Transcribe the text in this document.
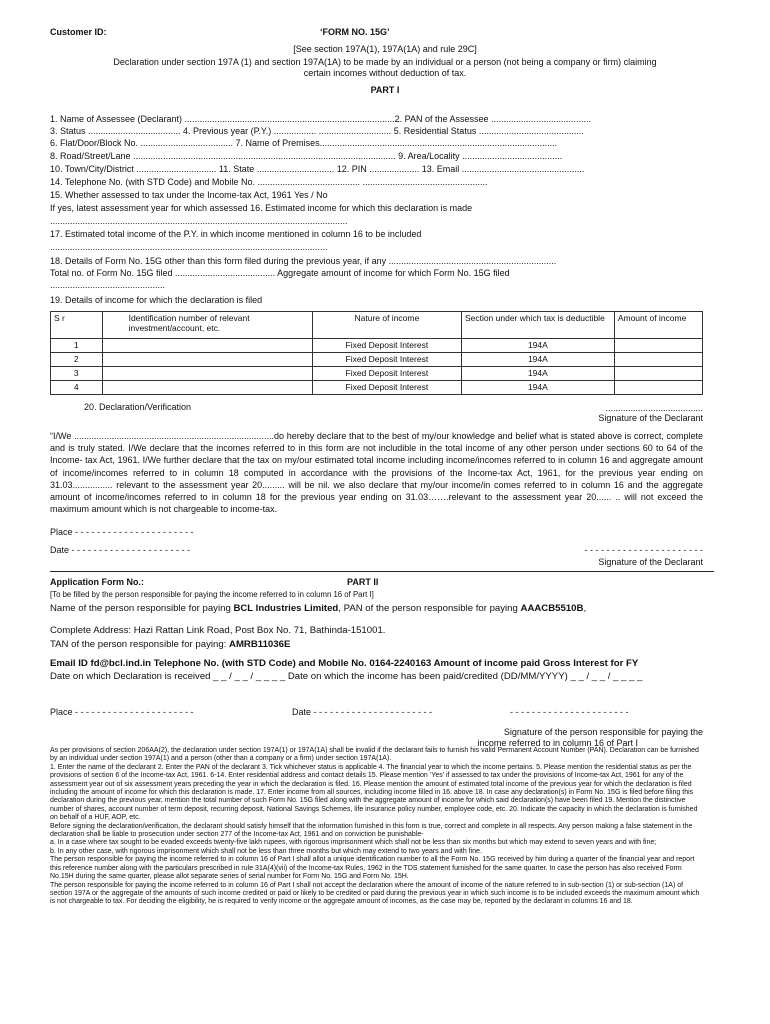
Customer ID:	‘FORM NO. 15G’
[See section 197A(1), 197A(1A) and rule 29C]
Declaration under section 197A (1) and section 197A(1A) to be made by an individual or a person (not being a company or firm) claiming
certain incomes without deduction of tax.
PART I
1. Name of Assessee (Declarant) ....................................................................................2. PAN of the Assessee ........................................
3. Status ..................................... 4. Previous year (P.Y.) ................. ............................. 5. Residential Status ..........................................
6. Flat/Door/Block No. ..................................... 7. Name of Premises...............................................................................................
8. Road/Street/Lane ......................................................................................................... 9. Area/Locality ........................................
10. Town/City/District ................................ 11. State ............................... 12. PIN .................... 13. Email .................................................
14. Telephone No. (with STD Code) and Mobile No. ......................................... ..................................................
15. Whether assessed to tax under the Income-tax Act, 1961 Yes / No
If yes, latest assessment year for which assessed 16. Estimated income for which this declaration is made
.......................................................................................................................
17. Estimated total income of the P.Y. in which income mentioned in column 16 to be included
...............................................................................................................
18. Details of Form No. 15G other than this form filed during the previous year, if any ...................................................................
Total no. of Form No. 15G filed ........................................ Aggregate amount of income for which Form No. 15G filed
..............................................
19. Details of income for which the declaration is filed
S r	Identification number of relevant investment/account, etc.	Nature of income	Section under which tax is deductible	Amount of income
1		Fixed Deposit Interest	194A	
2		Fixed Deposit Interest	194A	
3		Fixed Deposit Interest	194A	
4		Fixed Deposit Interest	194A	
20. Declaration/Verification	.......................................
Signature of the Declarant
“I/We ................................................................................do hereby declare that to the best of my/our knowledge and belief what is stated above is correct, complete and is truly stated. I/We declare that the incomes referred to in this form are not includible in the total income of any other person under sections 60 to 64 of the Income- tax Act, 1961. I/We further declare that the tax on my/our estimated total income including income/incomes referred to in column 16 and aggregate amount of income/incomes referred to in column 18 computed in accordance with the provisions of the Income-tax Act, 1961, for the previous year ending on 31.03................ relevant to the assessment year 20......... will be nil. we also declare that my/our income/in comes referred to in column 16 and the aggregate amount of income/incomes referred to in column 18 for the previous year ending on 31.03…….relevant to the assessment year 20...... .. will not exceed the maximum amount which is not chargeable to income-tax.
Place - - - - - - - - - - - - - - - - - - - - - -
Date - - - - - - - - - - - - - - - - - - - - - -	- - - - - - - - - - - - - - - - - - - - - -
Signature of the Declarant
Application Form No.:	PART II
[To be filled by the person responsible for paying the income referred to in column 16 of Part I]
Name of the person responsible for paying BCL Industries Limited, PAN of the person responsible for paying AAACB5510B,
Complete Address: Hazi Rattan Link Road, Post Box No. 71, Bathinda-151001.
TAN of the person responsible for paying: AMRB11036E
Email ID fd@bcl.ind.in Telephone No. (with STD Code) and Mobile No. 0164-2240163 Amount of income paid Gross Interest for FY
Date on which Declaration is received _ _ / _ _ / _ _ _ _ Date on which the income has been paid/credited (DD/MM/YYYY) _ _ / _ _ / _ _ _ _
Place - - - - - - - - - - - - - - - - - - - - - -	Date - - - - - - - - - - - - - - - - - - - - - -	- - - - - - - - - - - - - - - - - - - - - -
Signature of the person responsible for paying the
income referred to in column 16 of Part I

As per provisions of section 206AA(2), the declaration under section 197A(1) or 197A(1A) shall be invalid if the declarant fails to furnish his valid Permanent Account Number (PAN). Declaration can be furnished by an individual under section 197A(1) and a person (other than a company or a firm) under section 197A(1A).

1. Enter the name of the declarant 2. Enter the PAN of the declarant 3. Tick whichever status is applicable 4. The financial year to which the income pertains. 5. Please mention the residential status as per the provisions of section 6 of the Income-tax Act, 1961. 6-14. Enter residential address and contact details 15. Please mention ‘Yes’ if assessed to tax under the provisions of Income-tax Act, 1961 for any of the assessment year out of six assessment years preceding the year in which the declaration is filed. 16. Please mention the amount of estimated total income of the previous year for which the declaration is filed including the amount of income for which this declaration is made. 17. Enter income from all sources, including income filled in 16. above 18. In case any declaration(s) in Form No. 15G is filed before filing this declaration during the previous year, mention the total number of such Form No. 15G filed along with the aggregate amount of income for which said declaration(s) have been filed 19. Mention the distinctive number of shares, account number of term deposit, recurring deposit, National Savings Schemes, life insurance policy number, employee code, etc. 20. Indicate the capacity in which the declaration is furnished on behalf of a HUF, AOP, etc.

Before signing the declaration/verification, the declarant should satisfy himself that the information furnished in this form is true, correct and complete in all respects. Any person making a false statement in the declaration shall be liable to prosecution under section 277 of the Income-tax Act, 1961 and on conviction be punishable-

a. In a case where tax sought to be evaded exceeds twenty-five lakh rupees, with rigorous imprisonment which shall not be less than six months but which may extend to seven years and with fine;

b. In any other case, with rigorous imprisonment which shall not be less than three months but which may extend to two years and with fine.

The person responsible for paying the income referred to in column 16 of Part I shall allot a unique identification number to all the Form No. 15G received by him during a quarter of the financial year and report this reference number along with the particulars prescribed in rule 31A(4)(vii) of the Income-tax Rules, 1962 in the TDS statement furnished for the same quarter. In case the person has also received Form No.15H during the same quarter, please allot separate series of serial number for Form No. 15G and Form No. 15H.

The person responsible for paying the income referred to in column 16 of Part I shall not accept the declaration where the amount of income of the nature referred to in sub-section (1) or sub-section (1A) of section 197A or the aggregate of the amounts of such income credited or paid or likely to be credited or paid during the previous year in which such income is to be included exceeds the maximum amount which is not chargeable to tax. For deciding the eligibility, he is required to verify income or the aggregate amount of incomes, as the case may be, reported by the declarant in columns 16 and 18.
